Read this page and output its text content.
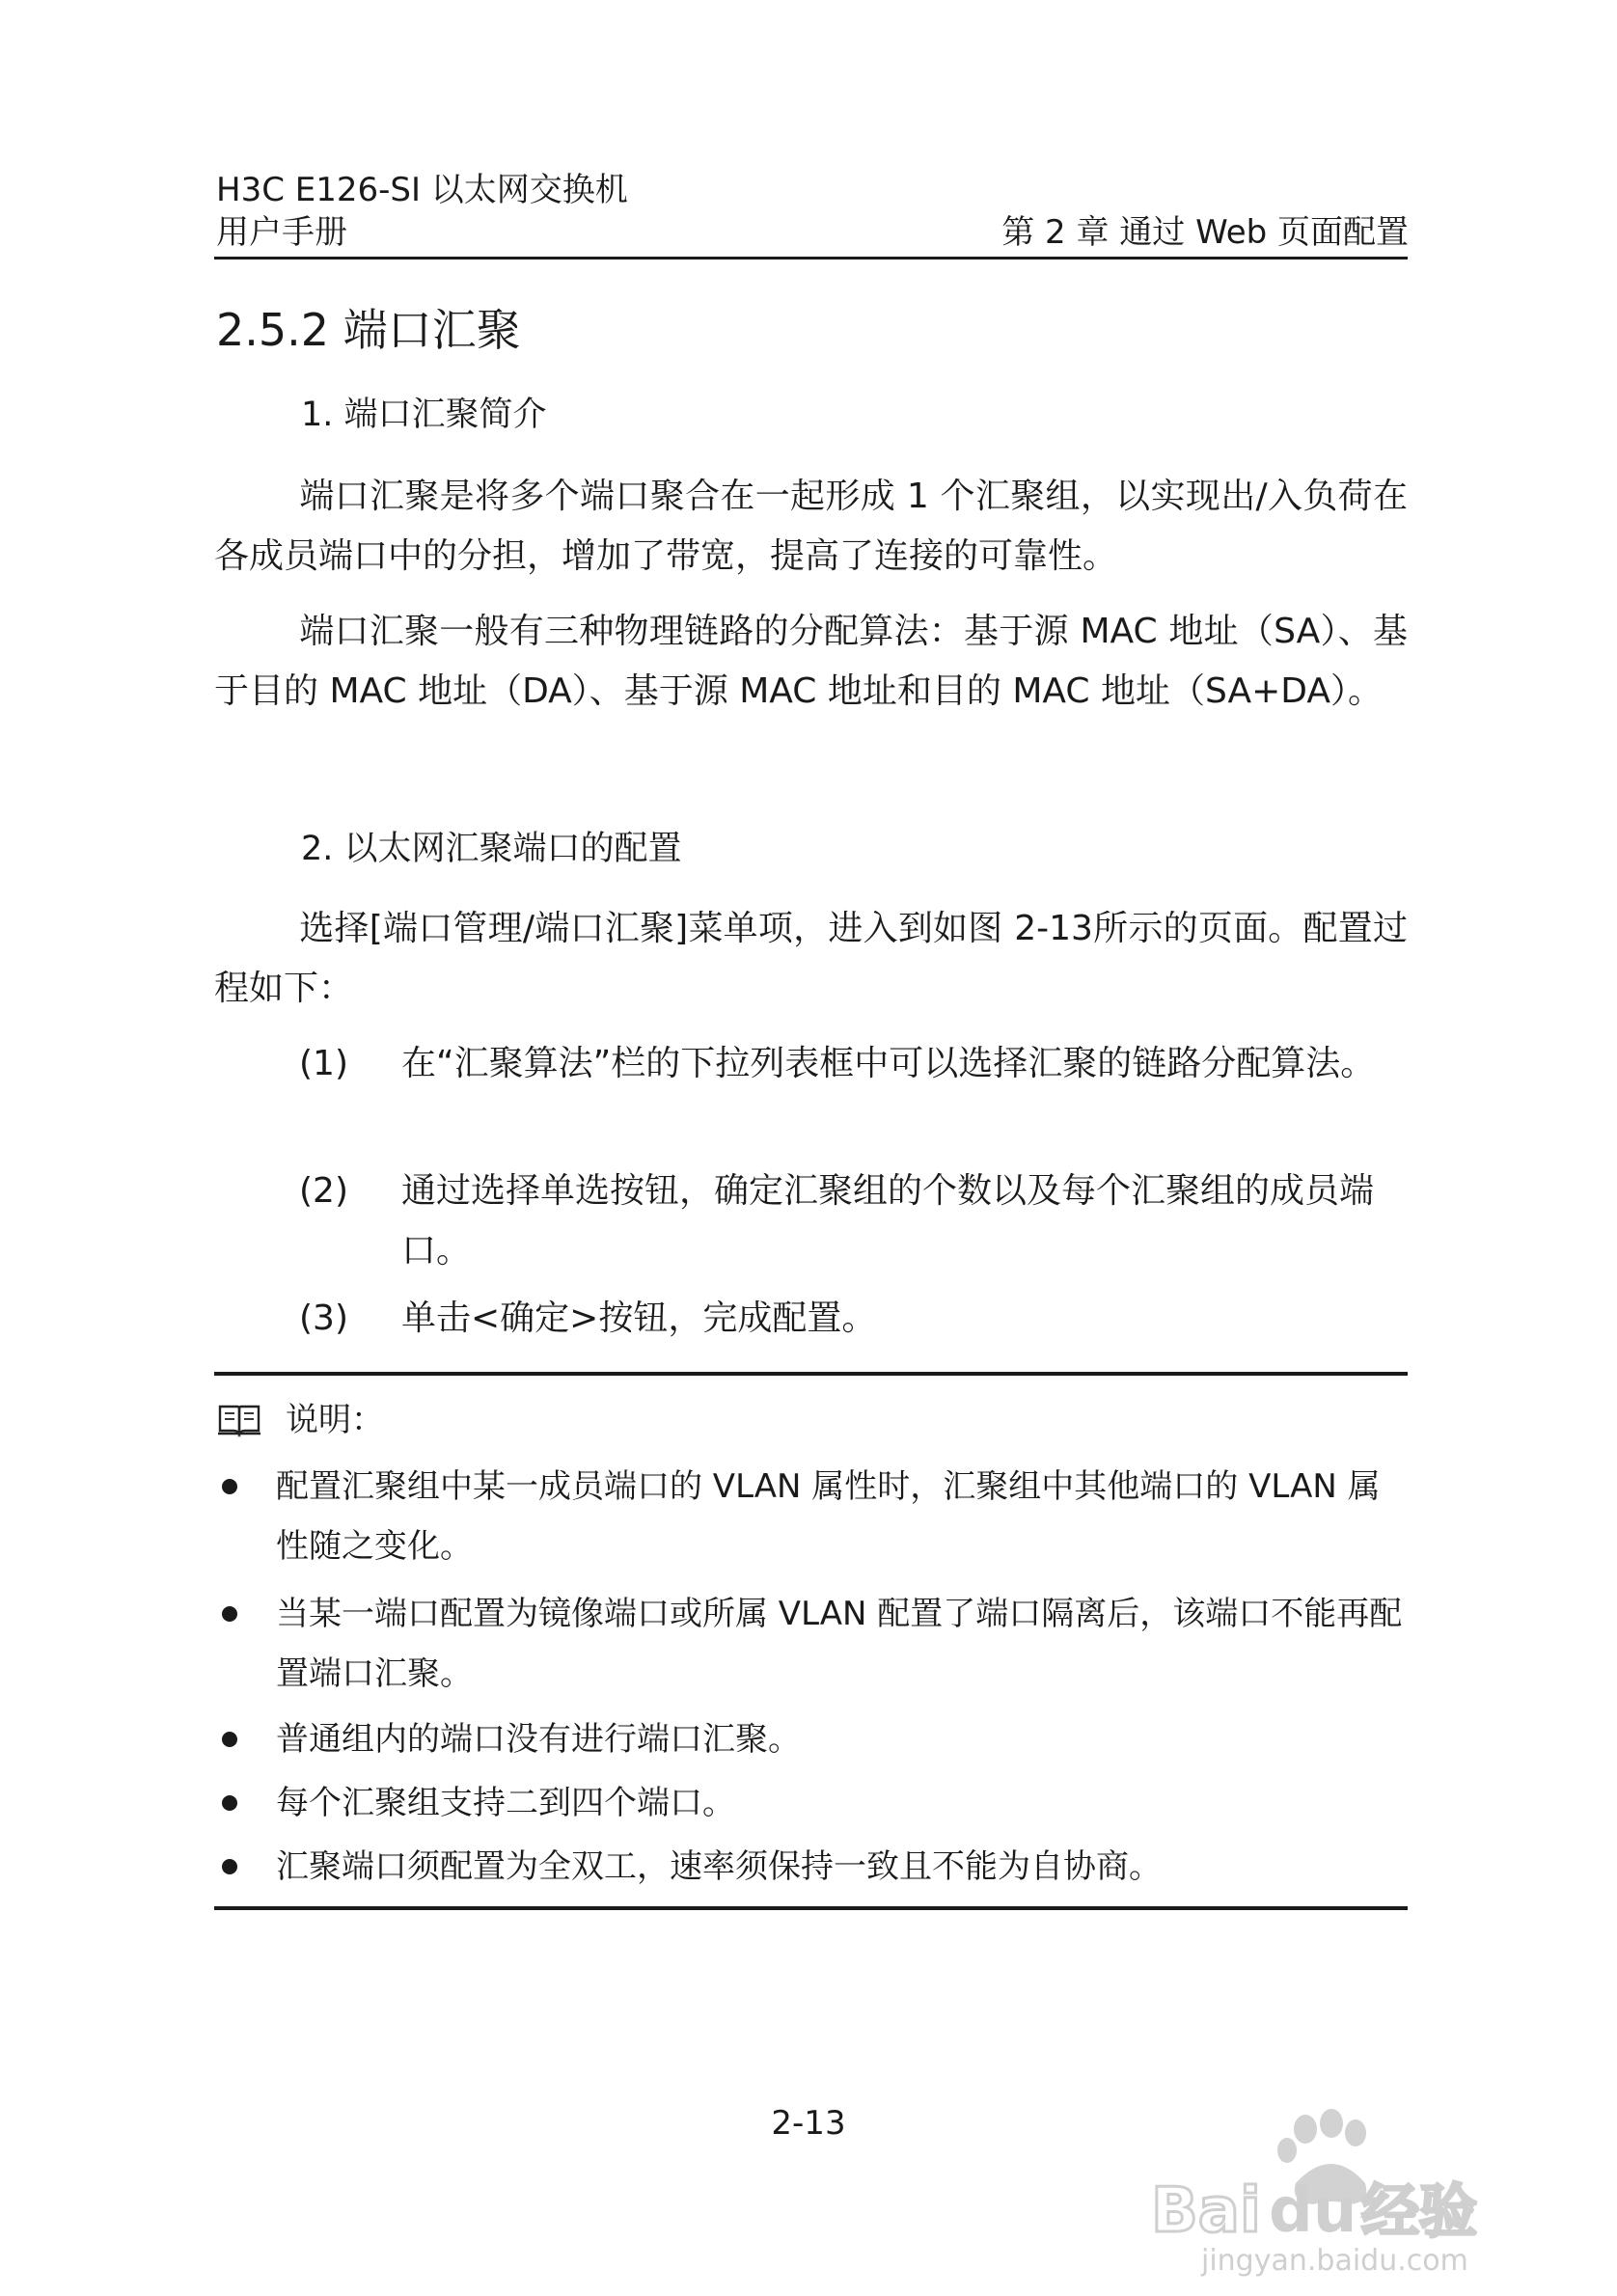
H3C E126-SI 以太网交换机
用户手册	第 2 章 通过 Web 页面配置
2.5.2 端口汇聚
1. 端口汇聚简介
端口汇聚是将多个端口聚合在一起形成 1 个汇聚组，以实现出/入负荷在各成员端口中的分担，增加了带宽，提高了连接的可靠性。
端口汇聚一般有三种物理链路的分配算法：基于源 MAC 地址（SA）、基于目的 MAC 地址（DA）、基于源 MAC 地址和目的 MAC 地址（SA+DA）。
2. 以太网汇聚端口的配置
选择[端口管理/端口汇聚]菜单项，进入到如图 2-13所示的页面。配置过程如下：
(1) 在“汇聚算法”栏的下拉列表框中可以选择汇聚的链路分配算法。
(2) 通过选择单选按钮，确定汇聚组的个数以及每个汇聚组的成员端口。
(3) 单击<确定>按钮，完成配置。
说明：
配置汇聚组中某一成员端口的 VLAN 属性时，汇聚组中其他端口的 VLAN 属性随之变化。
当某一端口配置为镜像端口或所属 VLAN 配置了端口隔离后，该端口不能再配置端口汇聚。
普通组内的端口没有进行端口汇聚。
每个汇聚组支持二到四个端口。
汇聚端口须配置为全双工，速率须保持一致且不能为自协商。
2-13
Bai du 经验
jingyan.baidu.com
